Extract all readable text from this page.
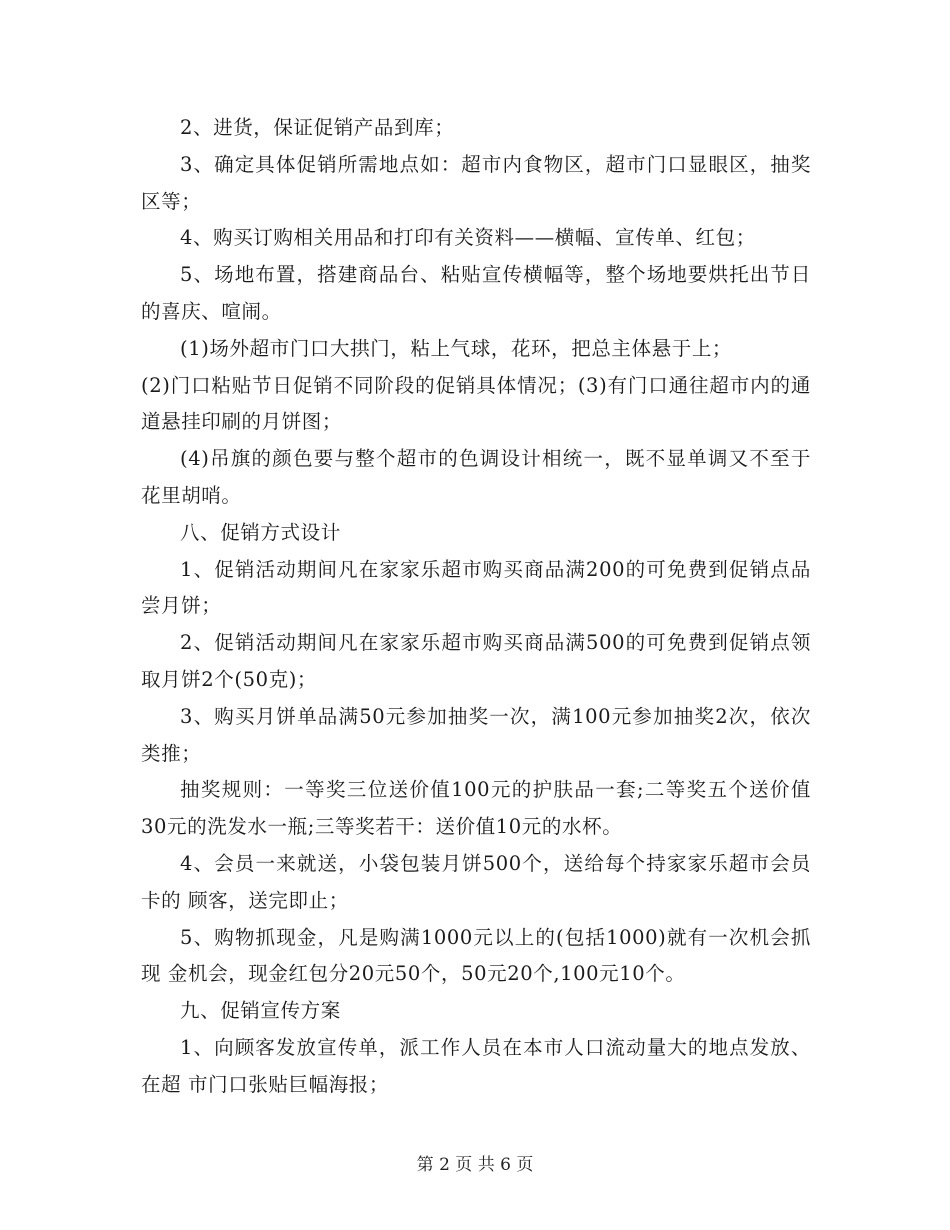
2、进货，保证促销产品到库；

3、确定具体促销所需地点如：超市内食物区，超市门口显眼区，抽奖区等；

4、购买订购相关用品和打印有关资料——横幅、宣传单、红包；

5、场地布置，搭建商品台、粘贴宣传横幅等，整个场地要烘托出节日的喜庆、喧闹。

(1)场外超市门口大拱门，粘上气球，花环，把总主体悬于上；

(2)门口粘贴节日促销不同阶段的促销具体情况；(3)有门口通往超市内的通道悬挂印刷的月饼图；

(4)吊旗的颜色要与整个超市的色调设计相统一，既不显单调又不至于花里胡哨。

八、促销方式设计

1、促销活动期间凡在家家乐超市购买商品满200的可免费到促销点品尝月饼；

2、促销活动期间凡在家家乐超市购买商品满500的可免费到促销点领取月饼2个(50克)；

3、购买月饼单品满50元参加抽奖一次，满100元参加抽奖2次，依次类推；

抽奖规则：一等奖三位送价值100元的护肤品一套;二等奖五个送价值 30元的洗发水一瓶;三等奖若干：送价值10元的水杯。

4、会员一来就送，小袋包装月饼500个，送给每个持家家乐超市会员卡的 顾客，送完即止；

5、购物抓现金，凡是购满1000元以上的(包括1000)就有一次机会抓现 金机会，现金红包分20元50个，50元20个,100元10个。

九、促销宣传方案

1、向顾客发放宣传单，派工作人员在本市人口流动量大的地点发放、在超 市门口张贴巨幅海报；

第 2 页 共 6 页
